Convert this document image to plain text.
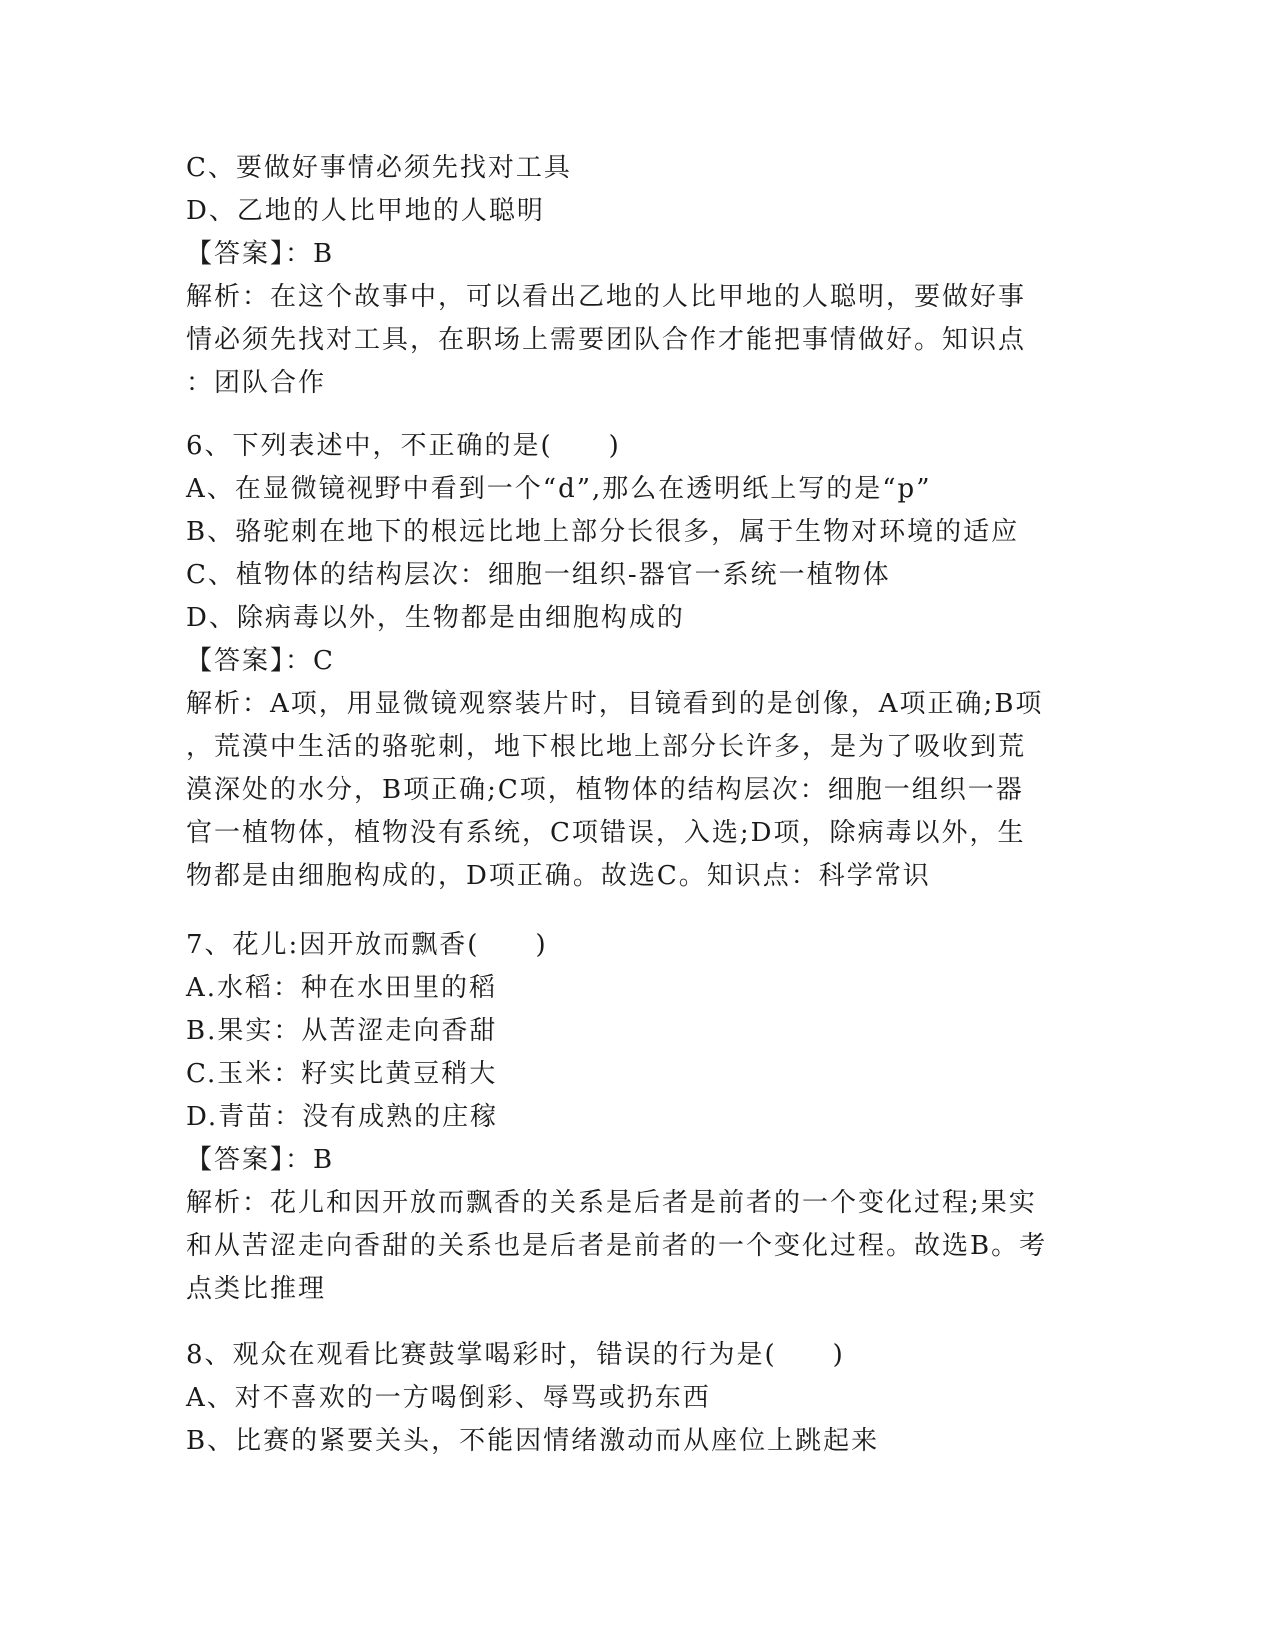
C、要做好事情必须先找对工具
D、乙地的人比甲地的人聪明
【答案】：B
解析：在这个故事中，可以看出乙地的人比甲地的人聪明，要做好事
情必须先找对工具，在职场上需要团队合作才能把事情做好。知识点
：团队合作
6、下列表述中，不正确的是(　　)
A、在显微镜视野中看到一个“d”,那么在透明纸上写的是“p”
B、骆驼刺在地下的根远比地上部分长很多，属于生物对环境的适应
C、植物体的结构层次：细胞一组织-器官一系统一植物体
D、除病毒以外，生物都是由细胞构成的
【答案】：C
解析：A项，用显微镜观察装片时，目镜看到的是创像，A项正确;B项
，荒漠中生活的骆驼刺，地下根比地上部分长许多，是为了吸收到荒
漠深处的水分，B项正确;C项，植物体的结构层次：细胞一组织一器
官一植物体，植物没有系统，C项错误，入选;D项，除病毒以外，生
物都是由细胞构成的，D项正确。故选C。知识点：科学常识
7、花儿:因开放而飘香(　　)
A.水稻：种在水田里的稻
B.果实：从苦涩走向香甜
C.玉米：籽实比黄豆稍大
D.青苗：没有成熟的庄稼
【答案】：B
解析：花儿和因开放而飘香的关系是后者是前者的一个变化过程;果实
和从苦涩走向香甜的关系也是后者是前者的一个变化过程。故选B。考
点类比推理
8、观众在观看比赛鼓掌喝彩时，错误的行为是(　　)
A、对不喜欢的一方喝倒彩、辱骂或扔东西
B、比赛的紧要关头，不能因情绪激动而从座位上跳起来
